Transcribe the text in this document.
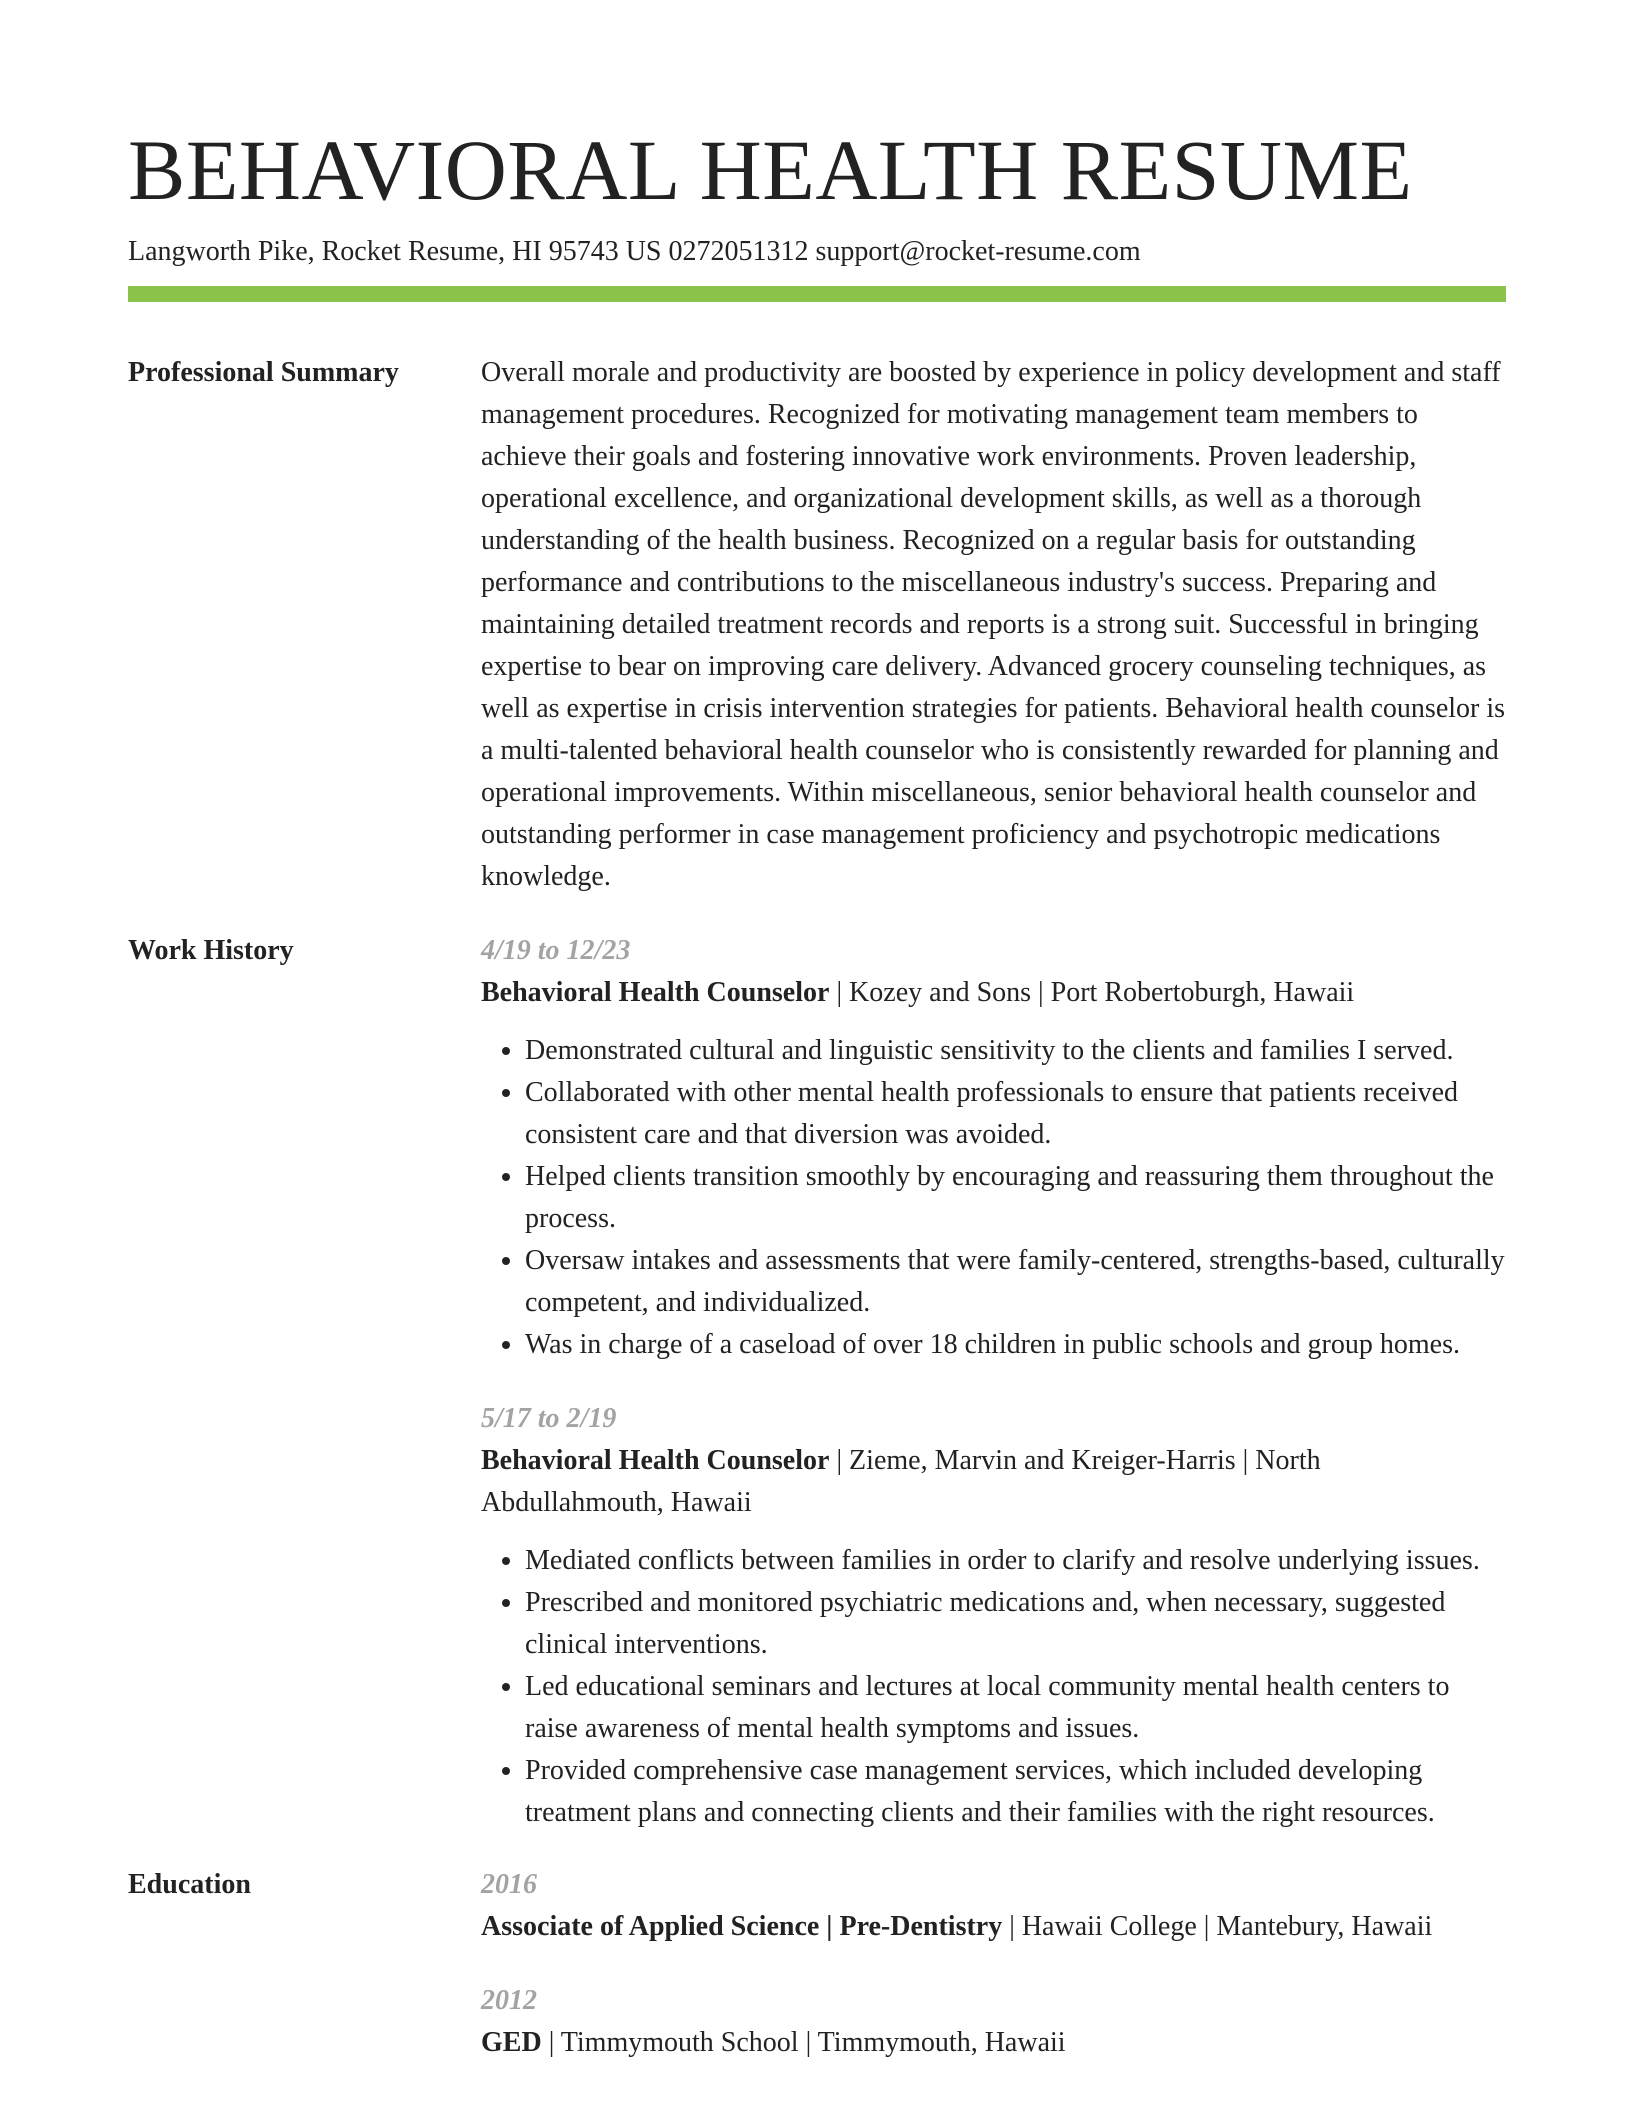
BEHAVIORAL HEALTH RESUME
Langworth Pike, Rocket Resume, HI 95743 US 0272051312 support@rocket-resume.com
Professional Summary	Overall morale and productivity are boosted by experience in policy development and staff management procedures. Recognized for motivating management team members to achieve their goals and fostering innovative work environments. Proven leadership, operational excellence, and organizational development skills, as well as a thorough understanding of the health business. Recognized on a regular basis for outstanding performance and contributions to the miscellaneous industry's success. Preparing and maintaining detailed treatment records and reports is a strong suit. Successful in bringing expertise to bear on improving care delivery. Advanced grocery counseling techniques, as well as expertise in crisis intervention strategies for patients. Behavioral health counselor is a multi-talented behavioral health counselor who is consistently rewarded for planning and operational improvements. Within miscellaneous, senior behavioral health counselor and outstanding performer in case management proficiency and psychotropic medications knowledge.
Work History	4/19 to 12/23
Behavioral Health Counselor | Kozey and Sons | Port Robertoburgh, Hawaii
• Demonstrated cultural and linguistic sensitivity to the clients and families I served.
• Collaborated with other mental health professionals to ensure that patients received consistent care and that diversion was avoided.
• Helped clients transition smoothly by encouraging and reassuring them throughout the process.
• Oversaw intakes and assessments that were family-centered, strengths-based, culturally competent, and individualized.
• Was in charge of a caseload of over 18 children in public schools and group homes.
5/17 to 2/19
Behavioral Health Counselor | Zieme, Marvin and Kreiger-Harris | North Abdullahmouth, Hawaii
• Mediated conflicts between families in order to clarify and resolve underlying issues.
• Prescribed and monitored psychiatric medications and, when necessary, suggested clinical interventions.
• Led educational seminars and lectures at local community mental health centers to raise awareness of mental health symptoms and issues.
• Provided comprehensive case management services, which included developing treatment plans and connecting clients and their families with the right resources.
Education	2016
Associate of Applied Science | Pre-Dentistry | Hawaii College | Mantebury, Hawaii
2012
GED | Timmymouth School | Timmymouth, Hawaii
